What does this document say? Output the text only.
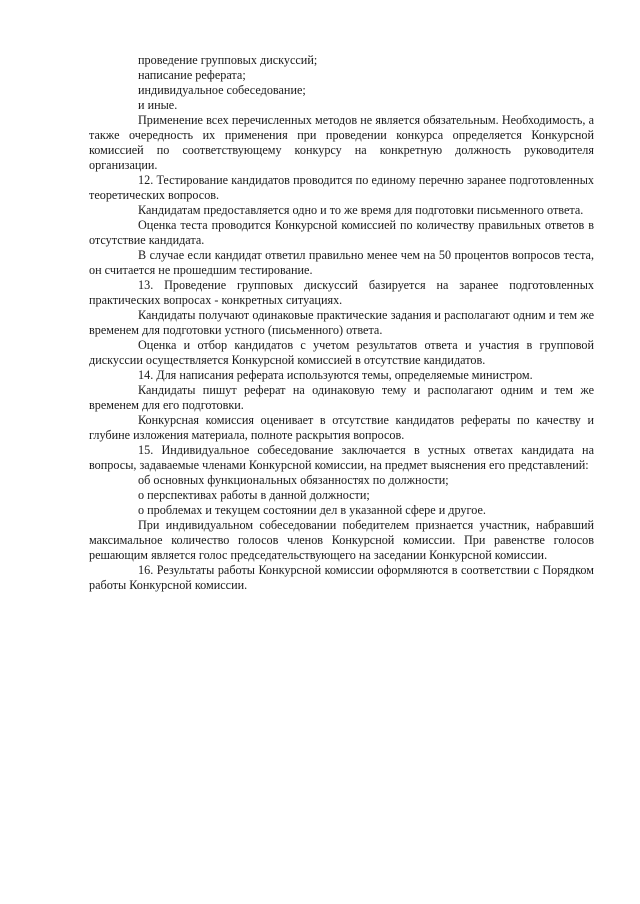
проведение групповых дискуссий;

написание реферата;

индивидуальное собеседование;

и иные.

Применение всех перечисленных методов не является обязательным. Необходимость, а также очередность их применения при проведении конкурса определяется Конкурсной комиссией по соответствующему конкурсу на конкретную должность руководителя организации.

12. Тестирование кандидатов проводится по единому перечню заранее подготовленных теоретических вопросов.

Кандидатам предоставляется одно и то же время для подготовки письменного ответа.

Оценка теста проводится Конкурсной комиссией по количеству правильных ответов в отсутствие кандидата.

В случае если кандидат ответил правильно менее чем на 50 процентов вопросов теста, он считается не прошедшим тестирование.

13. Проведение групповых дискуссий базируется на заранее подготовленных практических вопросах - конкретных ситуациях.

Кандидаты получают одинаковые практические задания и располагают одним и тем же временем для подготовки устного (письменного) ответа.

Оценка и отбор кандидатов с учетом результатов ответа и участия в групповой дискуссии осуществляется Конкурсной комиссией в отсутствие кандидатов.

14. Для написания реферата используются темы, определяемые министром.

Кандидаты пишут реферат на одинаковую тему и располагают одним и тем же временем для его подготовки.

Конкурсная комиссия оценивает в отсутствие кандидатов рефераты по качеству и глубине изложения материала, полноте раскрытия вопросов.

15. Индивидуальное собеседование заключается в устных ответах кандидата на вопросы, задаваемые членами Конкурсной комиссии, на предмет выяснения его представлений:

об основных функциональных обязанностях по должности;

о перспективах работы в данной должности;

о проблемах и текущем состоянии дел в указанной сфере и другое.

При индивидуальном собеседовании победителем признается участник, набравший максимальное количество голосов членов Конкурсной комиссии. При равенстве голосов решающим является голос председательствующего на заседании Конкурсной комиссии.

16. Результаты работы Конкурсной комиссии оформляются в соответствии с Порядком работы Конкурсной комиссии.
